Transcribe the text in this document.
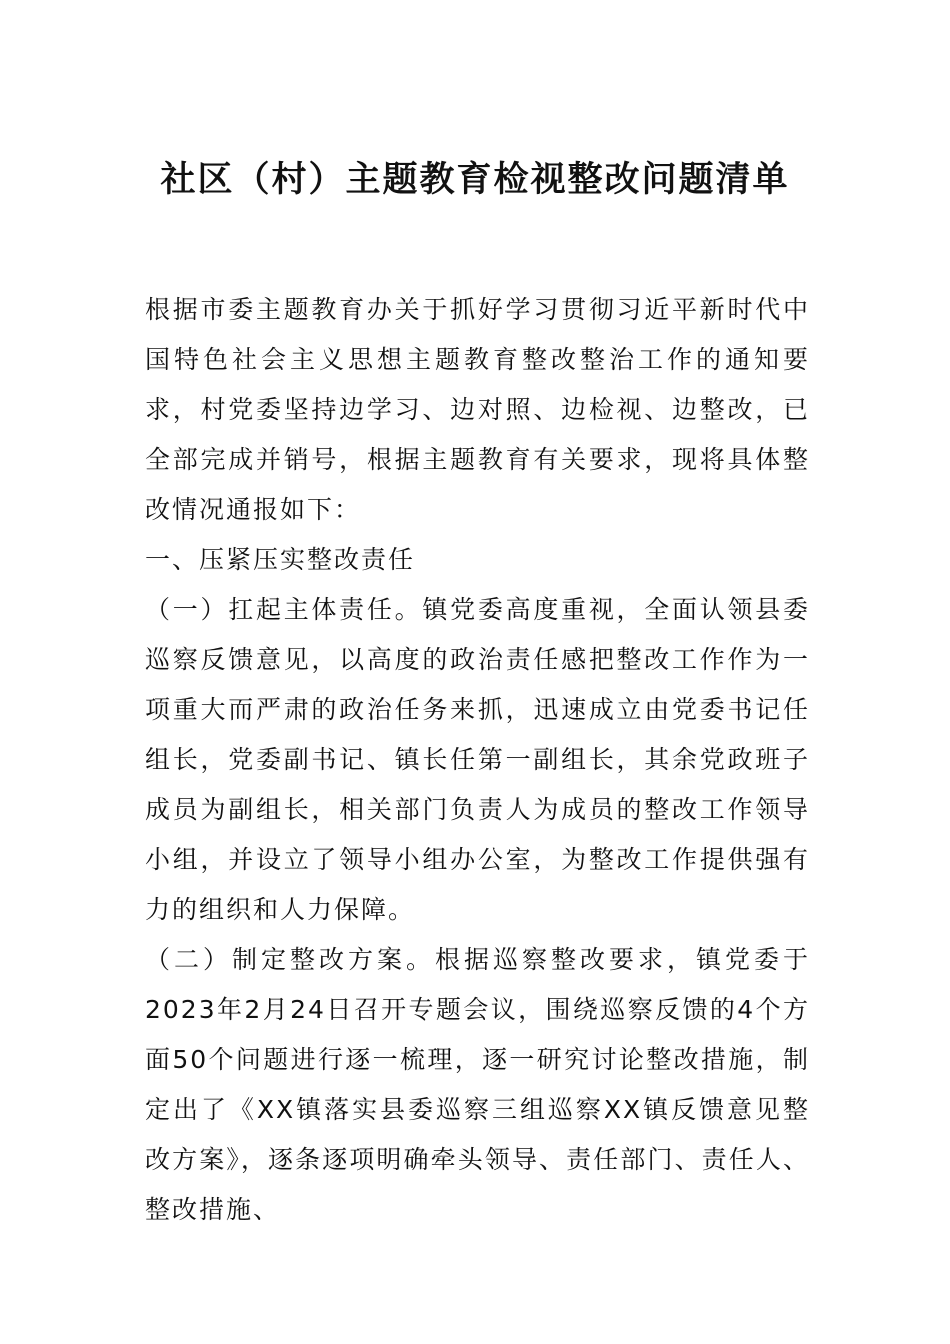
社区（村）主题教育检视整改问题清单

根据市委主题教育办关于抓好学习贯彻习近平新时代中国特色社会主义思想主题教育整改整治工作的通知要求，村党委坚持边学习、边对照、边检视、边整改，已全部完成并销号，根据主题教育有关要求，现将具体整改情况通报如下：

一、压紧压实整改责任

（一）扛起主体责任。镇党委高度重视，全面认领县委巡察反馈意见，以高度的政治责任感把整改工作作为一项重大而严肃的政治任务来抓，迅速成立由党委书记任组长，党委副书记、镇长任第一副组长，其余党政班子成员为副组长，相关部门负责人为成员的整改工作领导小组，并设立了领导小组办公室，为整改工作提供强有力的组织和人力保障。

（二）制定整改方案。根据巡察整改要求，镇党委于2023年2月24日召开专题会议，围绕巡察反馈的4个方面50个问题进行逐一梳理，逐一研究讨论整改措施，制定出了《XX镇落实县委巡察三组巡察XX镇反馈意见整改方案》，逐条逐项明确牵头领导、责任部门、责任人、整改措施、
